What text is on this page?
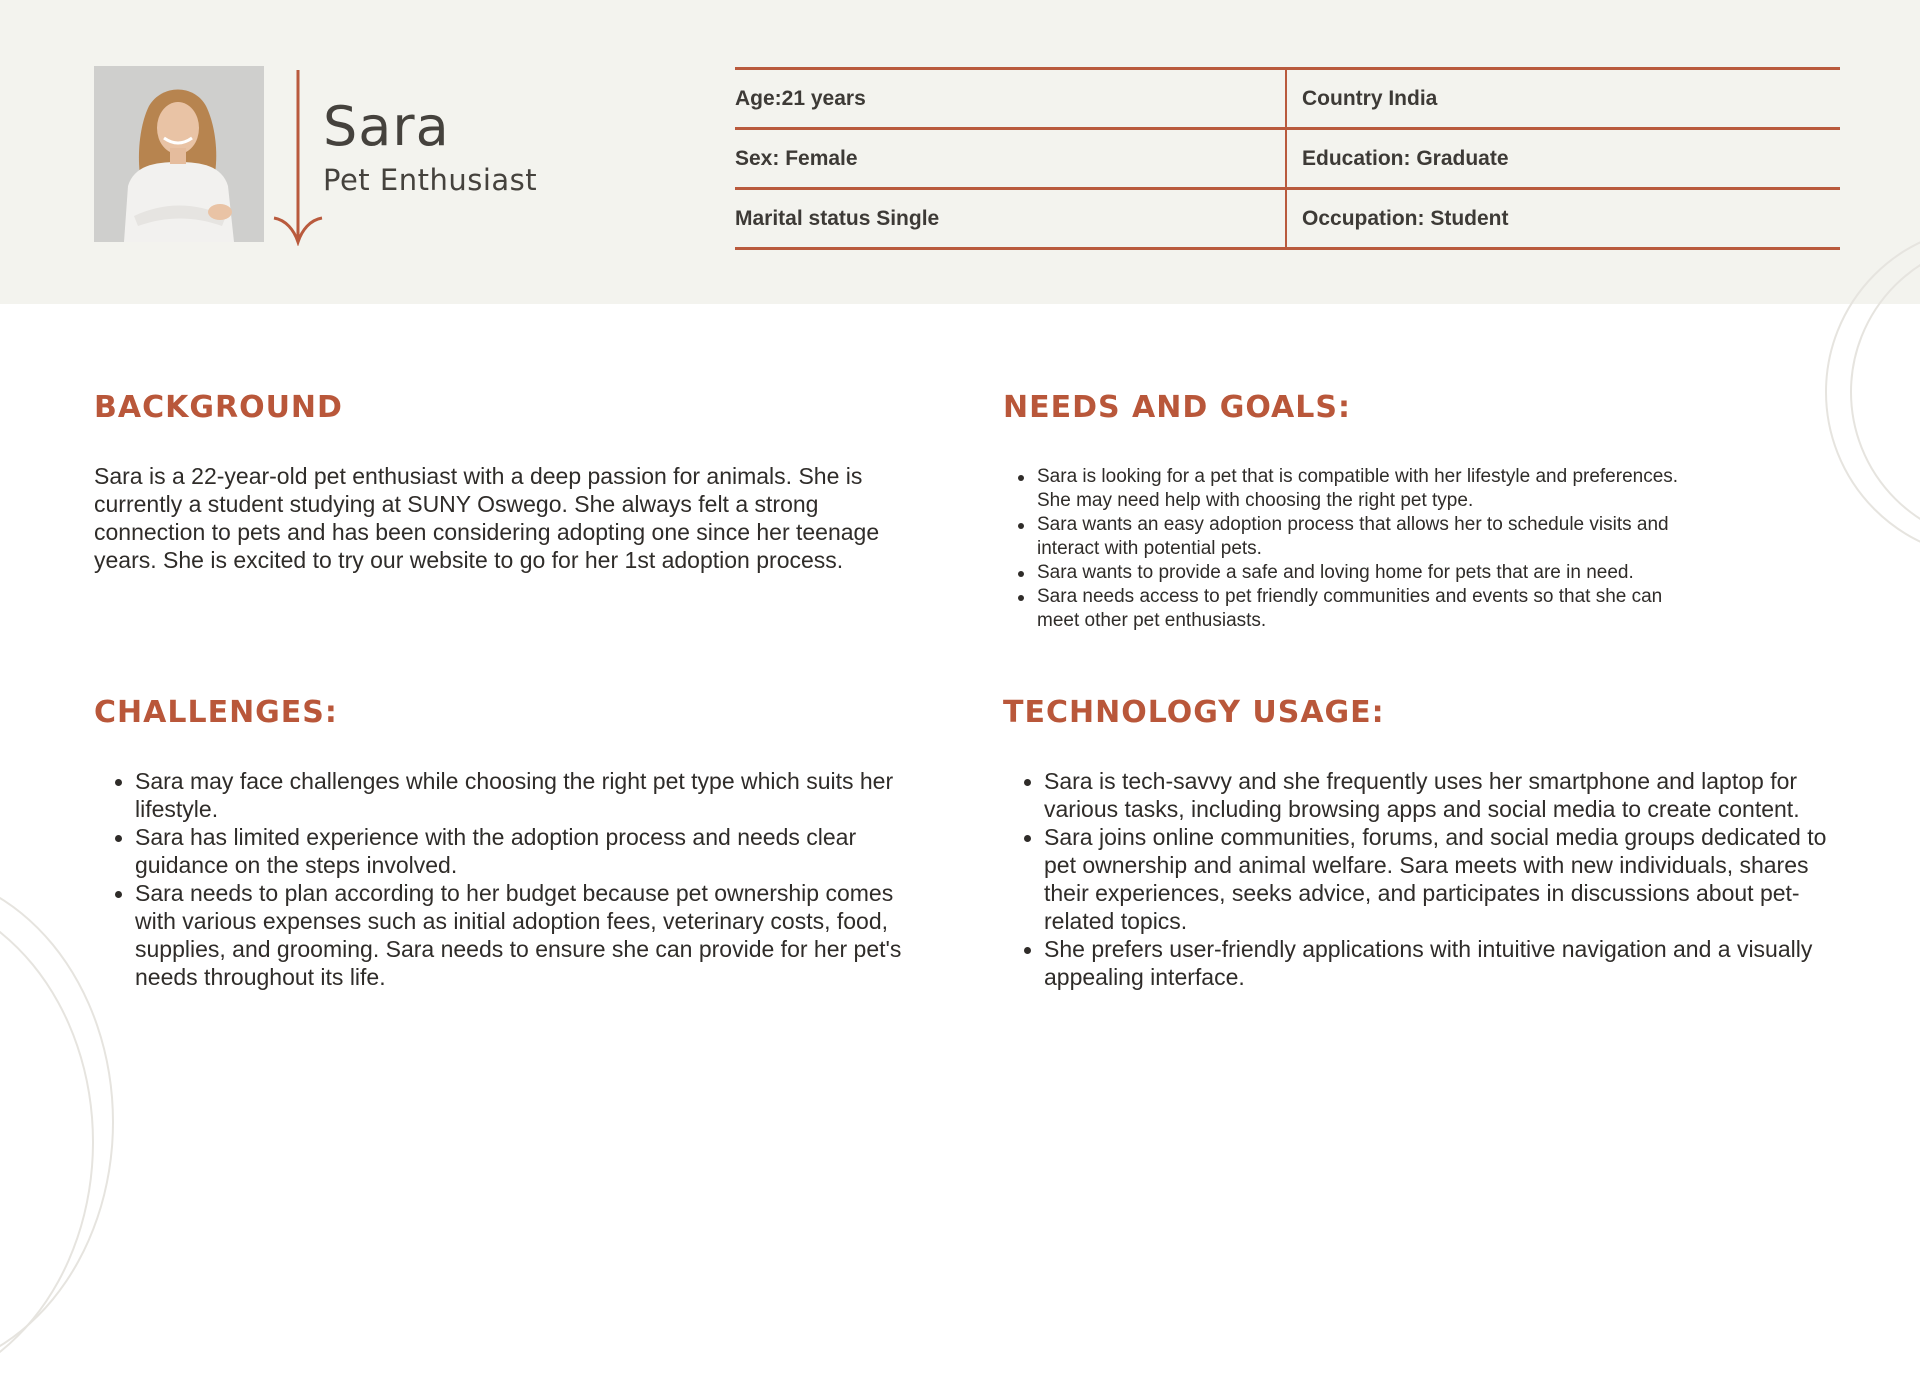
Sara
Pet Enthusiast
Age:21 years	Country India
Sex: Female	Education: Graduate
Marital status Single	Occupation: Student
BACKGROUND

Sara is a 22-year-old pet enthusiast with a deep passion for animals. She is currently a student studying at SUNY Oswego. She always felt a strong connection to pets and has been considering adopting one since her teenage years. She is excited to try our website to go for her 1st adoption process.

NEEDS AND GOALS:
Sara is looking for a pet that is compatible with her lifestyle and preferences. She may need help with choosing the right pet type.
Sara wants an easy adoption process that allows her to schedule visits and interact with potential pets.
Sara wants to provide a safe and loving home for pets that are in need.
Sara needs access to pet friendly communities and events so that she can meet other pet enthusiasts.
CHALLENGES:
Sara may face challenges while choosing the right pet type which suits her lifestyle.
Sara has limited experience with the adoption process and needs clear guidance on the steps involved.
Sara needs to plan according to her budget because pet ownership comes with various expenses such as initial adoption fees, veterinary costs, food, supplies, and grooming. Sara needs to ensure she can provide for her pet's needs throughout its life.
TECHNOLOGY USAGE:
Sara is tech-savvy and she frequently uses her smartphone and laptop for various tasks, including browsing apps and social media to create content.
Sara joins online communities, forums, and social media groups dedicated to pet ownership and animal welfare. Sara meets with new individuals, shares their experiences, seeks advice, and participates in discussions about pet-related topics.
She prefers user-friendly applications with intuitive navigation and a visually appealing interface.
